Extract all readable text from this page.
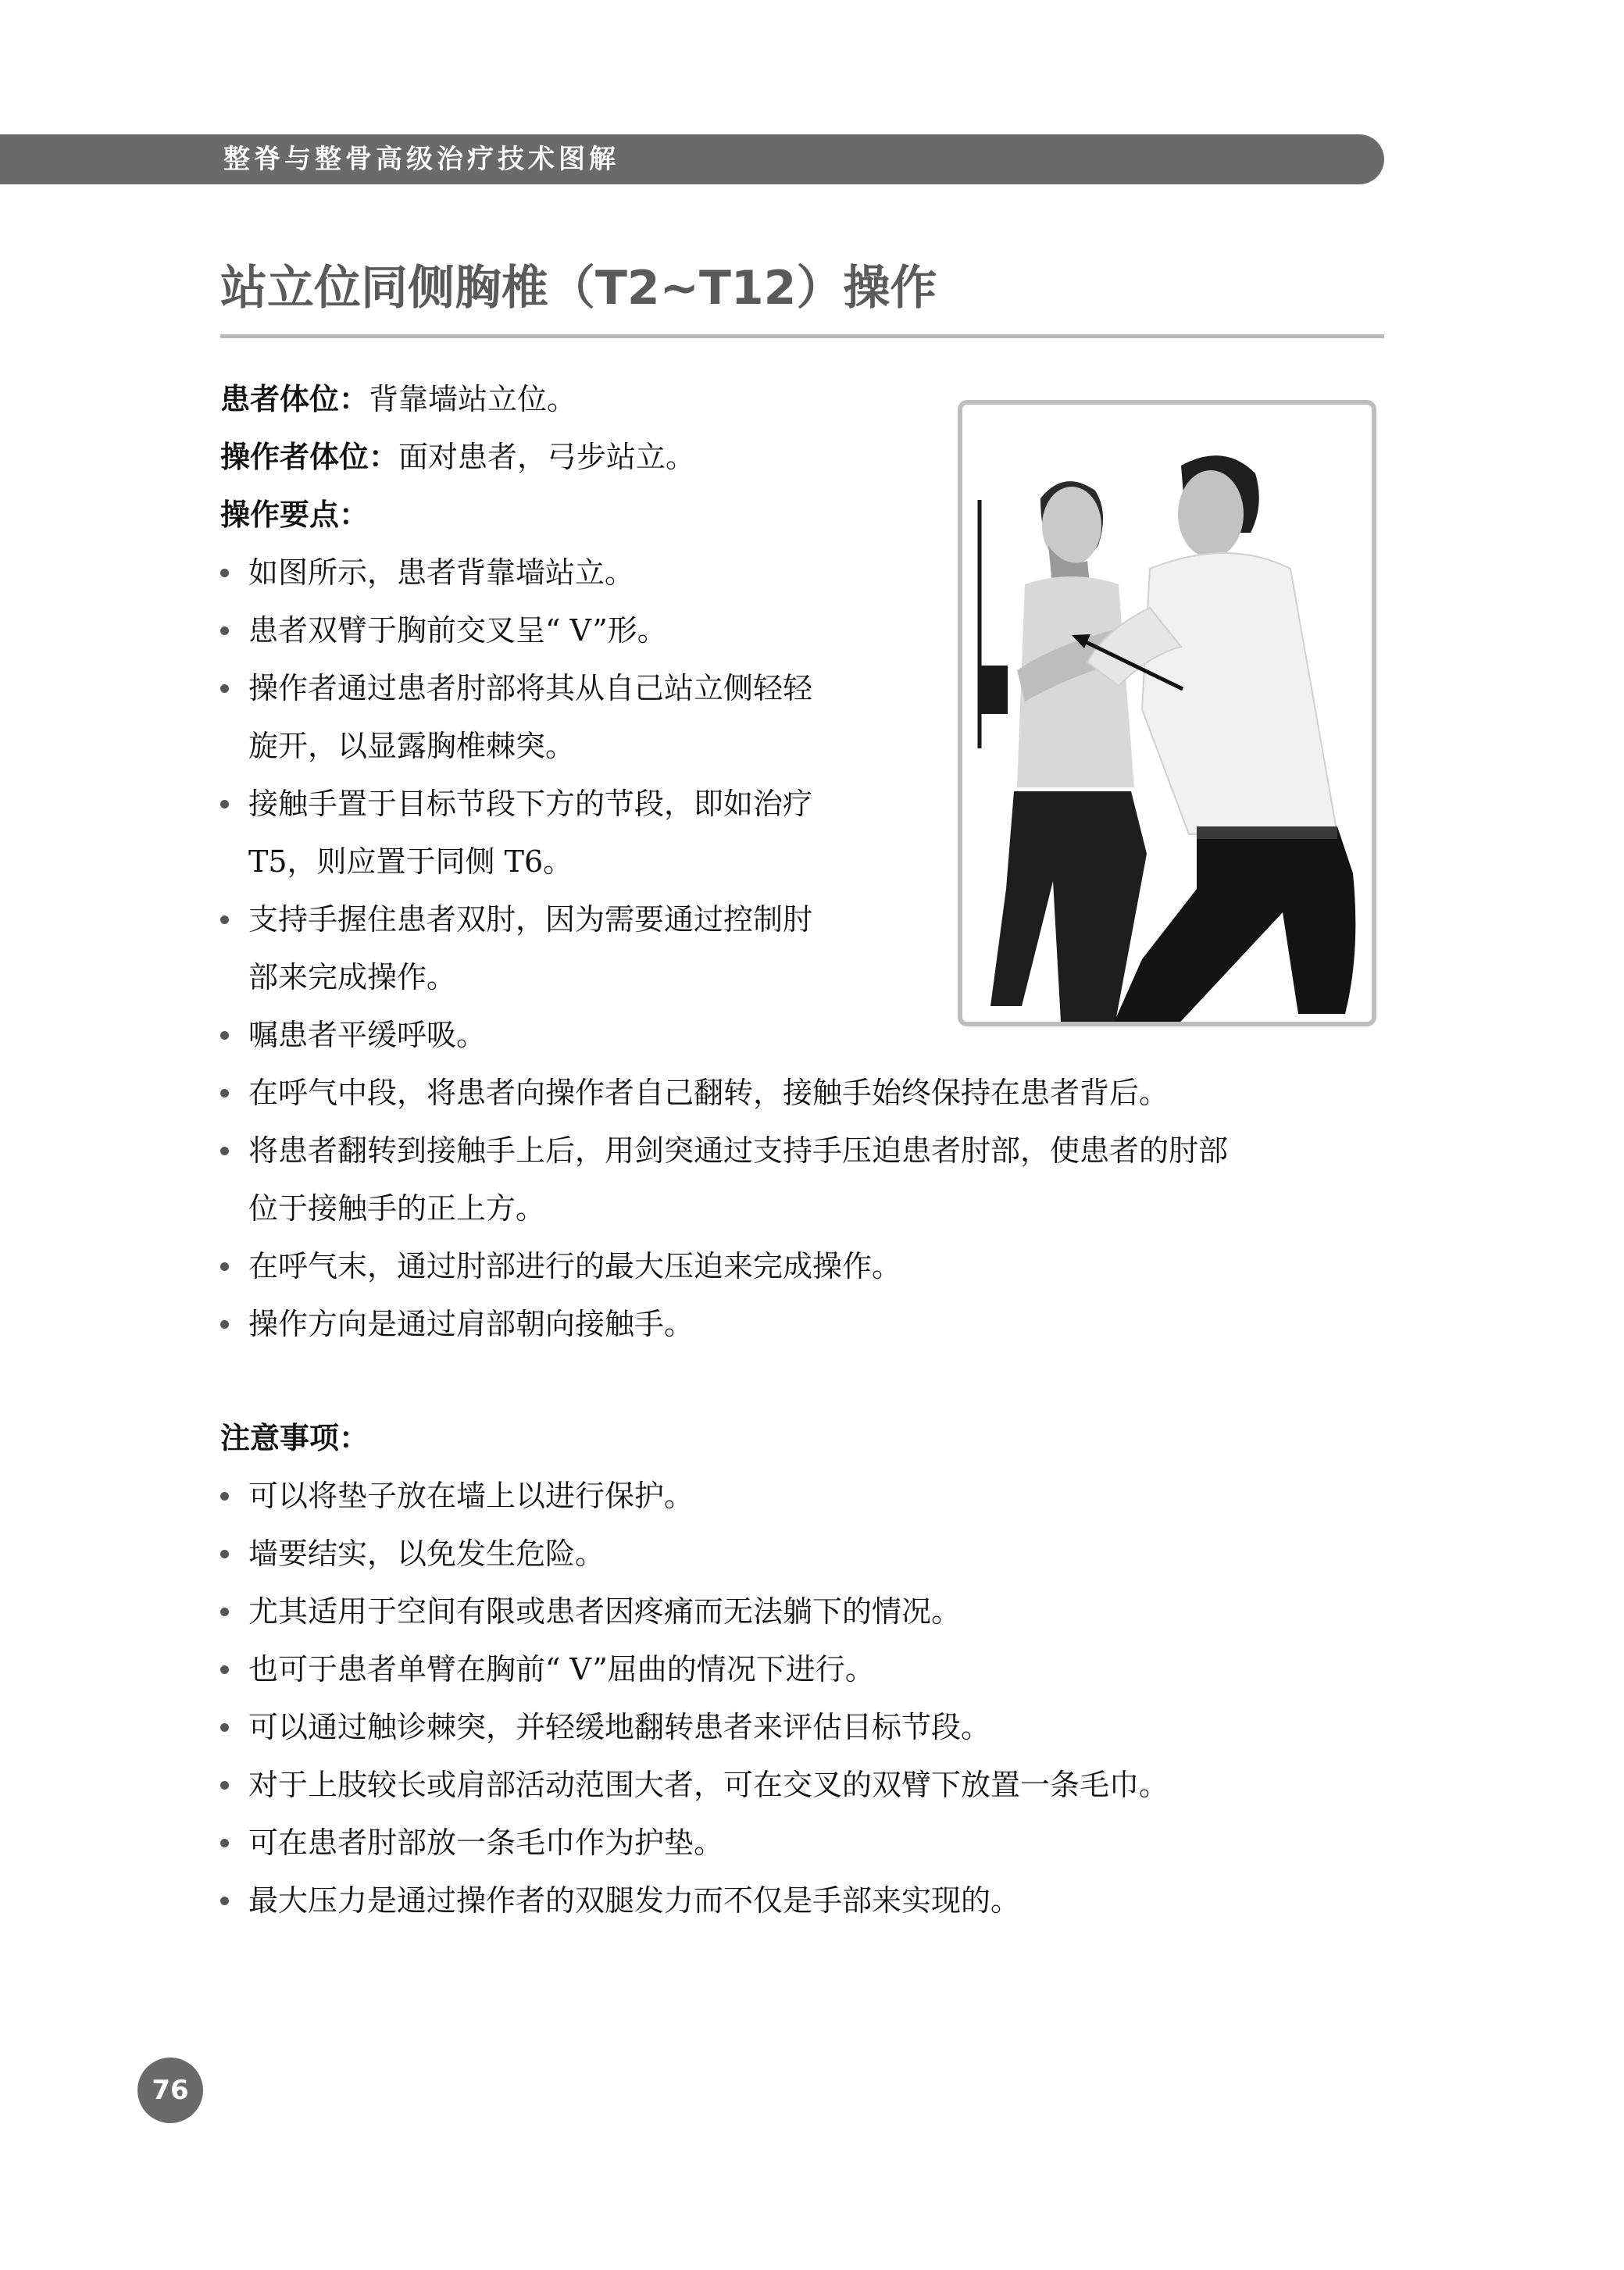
整脊与整骨高级治疗技术图解
站立位同侧胸椎（T2~T12）操作

患者体位：背靠墙站立位。

操作者体位：面对患者，弓步站立。

操作要点：

如图所示，患者背靠墙站立。
患者双臂于胸前交叉呈“ V”形。
操作者通过患者肘部将其从自己站立侧轻轻
旋开，以显露胸椎棘突。
接触手置于目标节段下方的节段，即如治疗
T5，则应置于同侧 T6。
支持手握住患者双肘，因为需要通过控制肘
部来完成操作。
嘱患者平缓呼吸。
在呼气中段，将患者向操作者自己翻转，接触手始终保持在患者背后。
将患者翻转到接触手上后，用剑突通过支持手压迫患者肘部，使患者的肘部
位于接触手的正上方。
在呼气末，通过肘部进行的最大压迫来完成操作。
操作方向是通过肩部朝向接触手。

注意事项：

可以将垫子放在墙上以进行保护。
墙要结实，以免发生危险。
尤其适用于空间有限或患者因疼痛而无法躺下的情况。
也可于患者单臂在胸前“ V”屈曲的情况下进行。
可以通过触诊棘突，并轻缓地翻转患者来评估目标节段。
对于上肢较长或肩部活动范围大者，可在交叉的双臂下放置一条毛巾。
可在患者肘部放一条毛巾作为护垫。
最大压力是通过操作者的双腿发力而不仅是手部来实现的。
76
